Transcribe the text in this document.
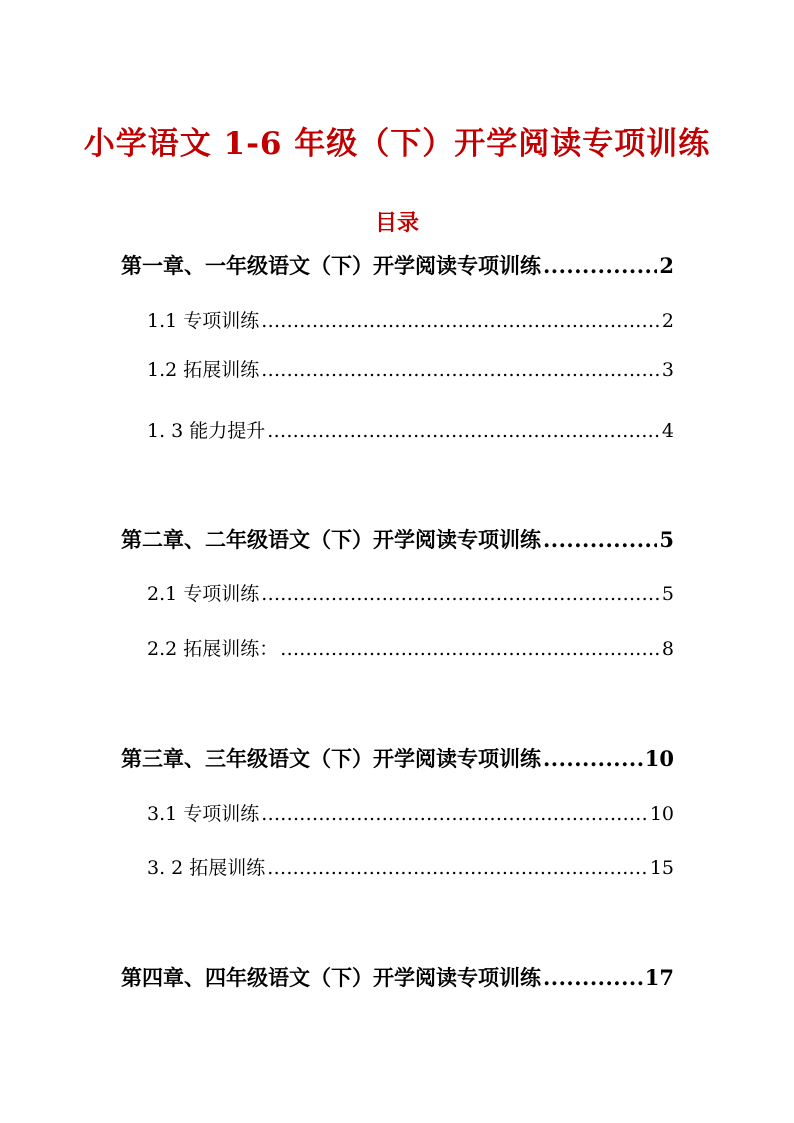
小学语文 1-6 年级（下）开学阅读专项训练
目录
第一章、一年级语文（下）开学阅读专项训练 .....	2
1.1 专项训练 .....	2
1.2 拓展训练 .....	3
1. 3 能力提升 .....	4
第二章、二年级语文（下）开学阅读专项训练 .....	5
2.1 专项训练 .....	5
2.2 拓展训练： .....	8
第三章、三年级语文（下）开学阅读专项训练 .....	10
3.1 专项训练 .....	10
3. 2 拓展训练 .....	15
第四章、四年级语文（下）开学阅读专项训练 .....	17
